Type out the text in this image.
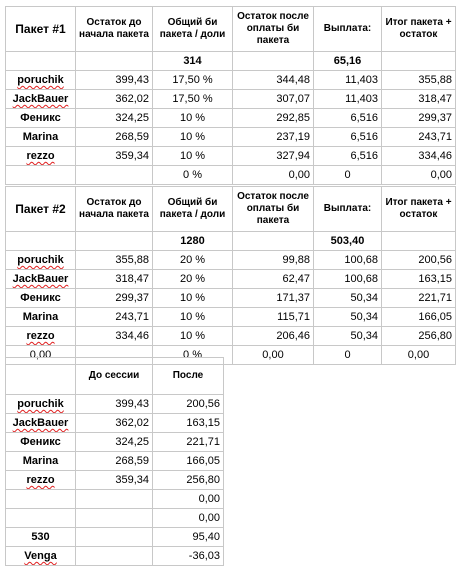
Пакет #1	Остаток до начала пакета	Общий би пакета / доли	Остаток после оплаты би пакета	Выплата:	Итог пакета + остаток
		314		65,16	
poruchik	399,43	17,50 %	344,48	11,403	355,88
JackBauer	362,02	17,50 %	307,07	11,403	318,47
Феникс	324,25	10 %	292,85	6,516	299,37
Marina	268,59	10 %	237,19	6,516	243,71
rezzo	359,34	10 %	327,94	6,516	334,46
		0 %	0,00	0	0,00
Пакет #2	Остаток до начала пакета	Общий би пакета / доли	Остаток после оплаты би пакета	Выплата:	Итог пакета + остаток
		1280		503,40	
poruchik	355,88	20 %	99,88	100,68	200,56
JackBauer	318,47	20 %	62,47	100,68	163,15
Феникс	299,37	10 %	171,37	50,34	221,71
Marina	243,71	10 %	115,71	50,34	166,05
rezzo	334,46	10 %	206,46	50,34	256,80
0,00		0 %	0,00	0	0,00
	До сессии	После
poruchik	399,43	200,56
JackBauer	362,02	163,15
Феникс	324,25	221,71
Marina	268,59	166,05
rezzo	359,34	256,80
		0,00
		0,00
530		95,40
Venga		-36,03
